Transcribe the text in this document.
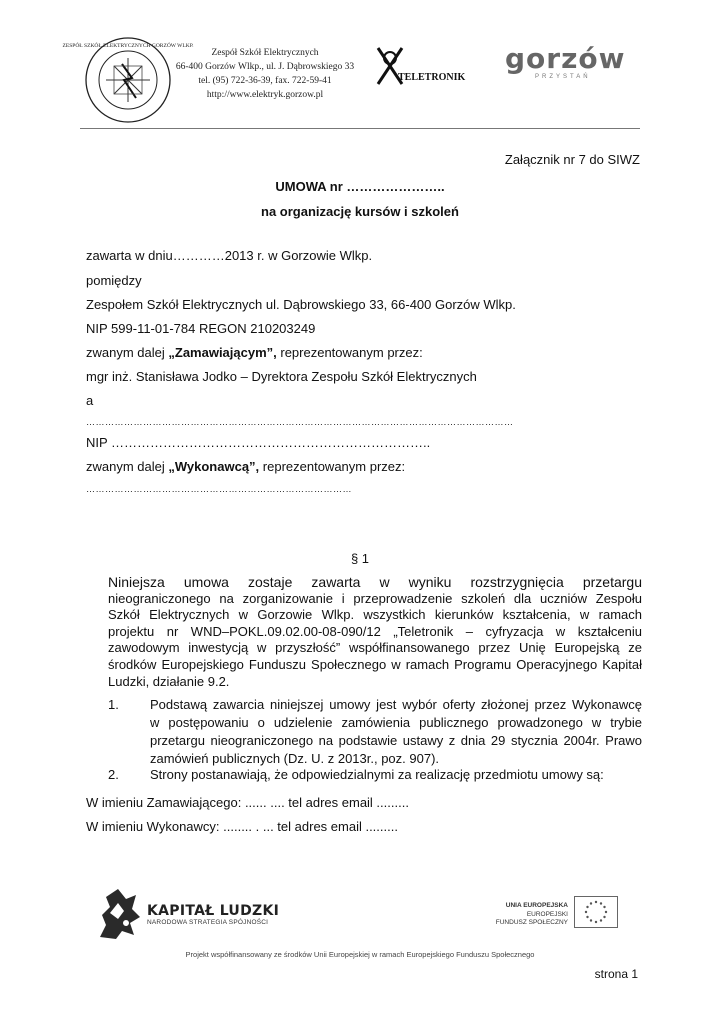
ZESPÓŁ SZKÓŁ ELEKTRYCZNYCH GORZÓW WLKP.
Zespół Szkół Elektrycznych
66-400 Gorzów Wlkp., ul. J. Dąbrowskiego 33
tel. (95) 722-36-39, fax. 722-59-41
http://www.elektryk.gorzow.pl
TELETRONIK
gorzów
PRZYSTAŃ
Załącznik nr 7 do SIWZ
UMOWA nr …………………..
na organizację kursów i szkoleń
zawarta w dniu…………2013 r. w Gorzowie Wlkp.
pomiędzy
Zespołem Szkół Elektrycznych ul. Dąbrowskiego 33, 66-400 Gorzów Wlkp.
NIP 599-11-01-784 REGON 210203249
zwanym dalej „Zamawiającym”, reprezentowanym przez:
mgr inż. Stanisława Jodko – Dyrektora Zespołu Szkół Elektrycznych
a
………………………………………………………………………………………………………………………
NIP ………………………………………………………………..
zwanym dalej „Wykonawcą”, reprezentowanym przez:
…………………………………………………………………………
§ 1
Niniejsza umowa zostaje zawarta w wyniku rozstrzygnięcia przetargu
nieograniczonego na zorganizowanie i przeprowadzenie szkoleń dla uczniów Zespołu
Szkół Elektrycznych w Gorzowie Wlkp. wszystkich kierunków kształcenia, w ramach
projektu nr WND–POKL.09.02.00-08-090/12 „Teletronik – cyfryzacja w kształceniu
zawodowym inwestycją w przyszłość” współfinansowanego przez Unię Europejską ze
środków Europejskiego Funduszu Społecznego w ramach Programu Operacyjnego Kapitał
Ludzki, działanie 9.2.
1. Podstawą zawarcia niniejszej umowy jest wybór oferty złożonej przez Wykonawcę
w postępowaniu o udzielenie zamówienia publicznego prowadzonego w trybie
przetargu nieograniczonego na podstawie ustawy z dnia 29 stycznia 2004r. Prawo
zamówień publicznych (Dz. U. z 2013r., poz. 907).
2. Strony postanawiają, że odpowiedzialnymi za realizację przedmiotu umowy są:
W imieniu Zamawiającego: ...... .... tel adres email .........
W imieniu Wykonawcy: ........ . ... tel adres email .........
KAPITAŁ LUDZKI
NARODOWA STRATEGIA SPÓJNOŚCI
UNIA EUROPEJSKA
EUROPEJSKI
FUNDUSZ SPOŁECZNY
Projekt współfinansowany ze środków Unii Europejskiej w ramach Europejskiego Funduszu Społecznego
strona 1
